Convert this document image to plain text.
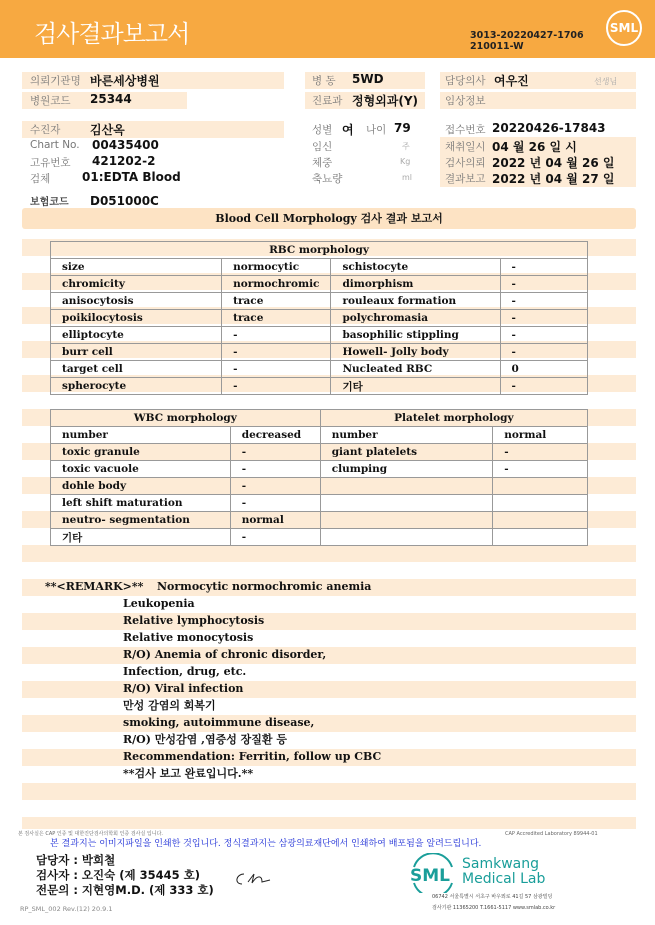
검사결과보고서	SML
3013-20220427-1706
210011-W
의뢰기관명 바른세상병원
병원코드 25344
병 동 5WD
진료과 정형외과(Y)
담당의사 여우진	선생님
임상정보
수진자 김산옥
Chart No. 00435400
고유번호 421202-2
검체	01:EDTA Blood
성별 여 나이 79
임신	주
체중	Kg
축뇨량	ml
접수번호 20220426-17843
채취일시 04 월 26 일 시
검사의뢰 2022 년 04 월 26 일
결과보고 2022 년 04 월 27 일
보험코드 D051000C
Blood Cell Morphology 검사 결과 보고서
RBC morphology			
size	normocytic	schistocyte	-
chromicity	normochromic	dimorphism	-
anisocytosis	trace	rouleaux formation	-
poikilocytosis	trace	polychromasia	-
elliptocyte	-	basophilic stippling	-
burr cell	-	Howell- Jolly body	-
target cell	-	Nucleated RBC	0
spherocyte	-	기타	-
WBC morphology		Platelet morphology	
number	decreased	number	normal
toxic granule	-	giant platelets	-
toxic vacuole	-	clumping	-
dohle body	-		
left shift maturation	-		
neutro- segmentation	normal		
기타	-		
**<REMARK>** Normocytic normochromic anemia
Leukopenia
Relative lymphocytosis
Relative monocytosis
R/O) Anemia of chronic disorder,
Infection, drug, etc.
R/O) Viral infection
만성 감염의 회복기
smoking, autoimmune disease,
R/O) 만성감염 ,염증성 장질환 등
Recommendation: Ferritin, follow up CBC
**검사 보고 완료입니다.**
본 검사실은 CAP 인증 및 대한진단검사의학회 인증 검사실 입니다.	CAP Accredited Laboratory 89944-01
본 결과지는 이미지파일을 인쇄한 것입니다. 정식결과지는 삼광의료재단에서 인쇄하여 배포됨을 알려드립니다.
담당자 : 박희철
검사자 : 오진숙 (제 35445 호)
전문의 : 지현영M.D. (제 333 호)
SML
Samkwang
Medical Lab
06742 서울특별시 서초구 바우뫼로 41길 57 삼광빌딩
검사기관 11365200 T.1661-5117 www.smlab.co.kr
RP_SML_002 Rev.(12) 20.9.1
